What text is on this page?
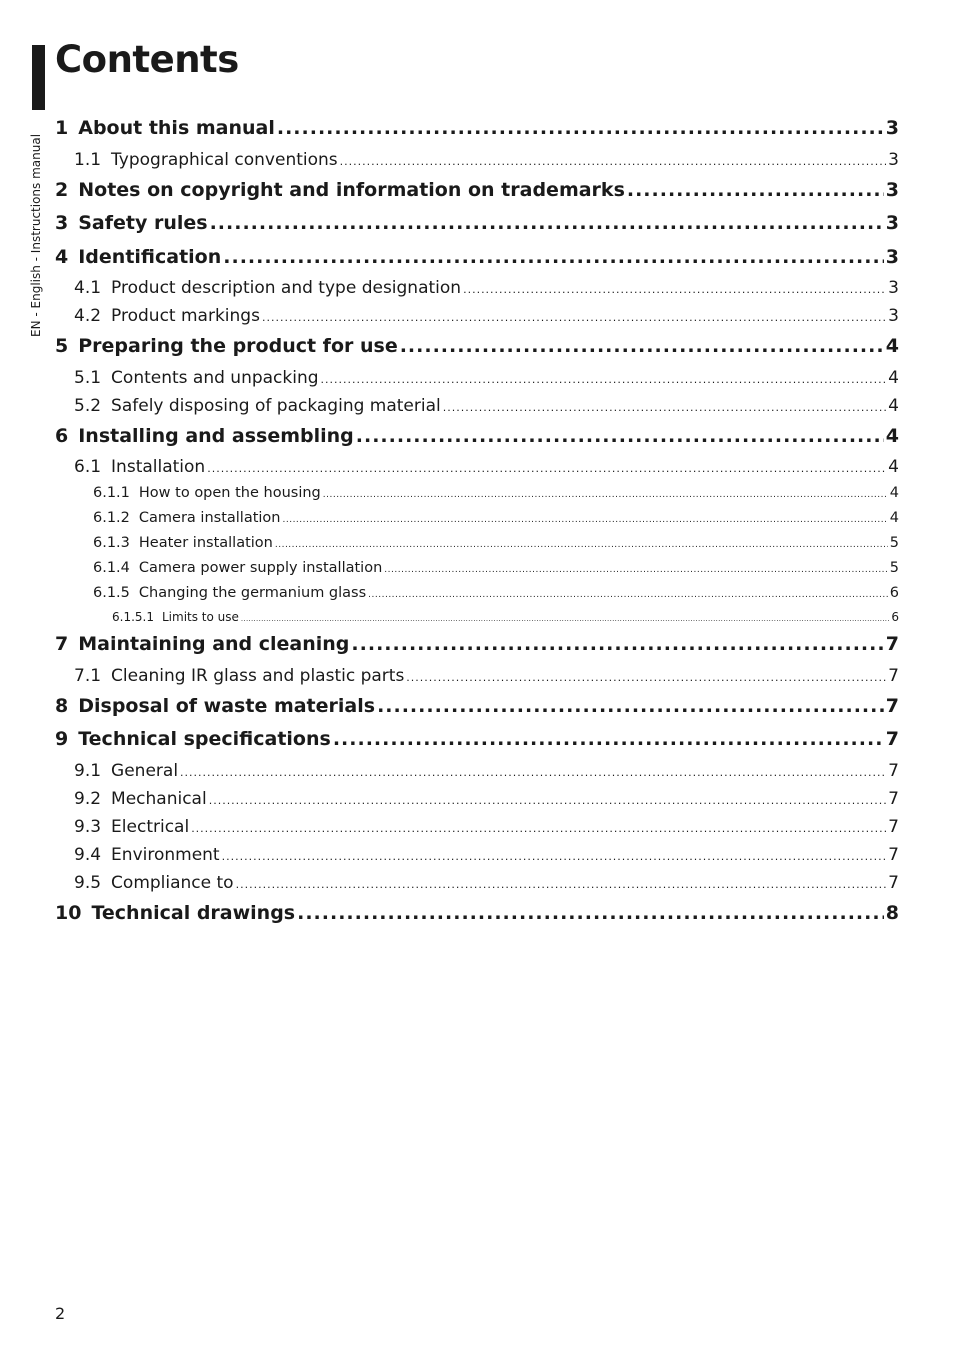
EN - English - Instructions manual
Contents
1 About this manual .....	3
1.1 Typographical conventions .....	3
2 Notes on copyright and information on trademarks .....	3
3 Safety rules .....	3
4 Identification .....	3
4.1 Product description and type designation .....	3
4.2 Product markings .....	3
5 Preparing the product for use .....	4
5.1 Contents and unpacking .....	4
5.2 Safely disposing of packaging material .....	4
6 Installing and assembling .....	4
6.1 Installation .....	4
6.1.1 How to open the housing .....	4
6.1.2 Camera installation .....	4
6.1.3 Heater installation .....	5
6.1.4 Camera power supply installation .....	5
6.1.5 Changing the germanium glass .....	6
6.1.5.1 Limits to use .....	6
7 Maintaining and cleaning .....	7
7.1 Cleaning IR glass and plastic parts .....	7
8 Disposal of waste materials .....	7
9 Technical specifications .....	7
9.1 General .....	7
9.2 Mechanical .....	7
9.3 Electrical .....	7
9.4 Environment .....	7
9.5 Compliance to .....	7
10 Technical drawings .....	8
2
